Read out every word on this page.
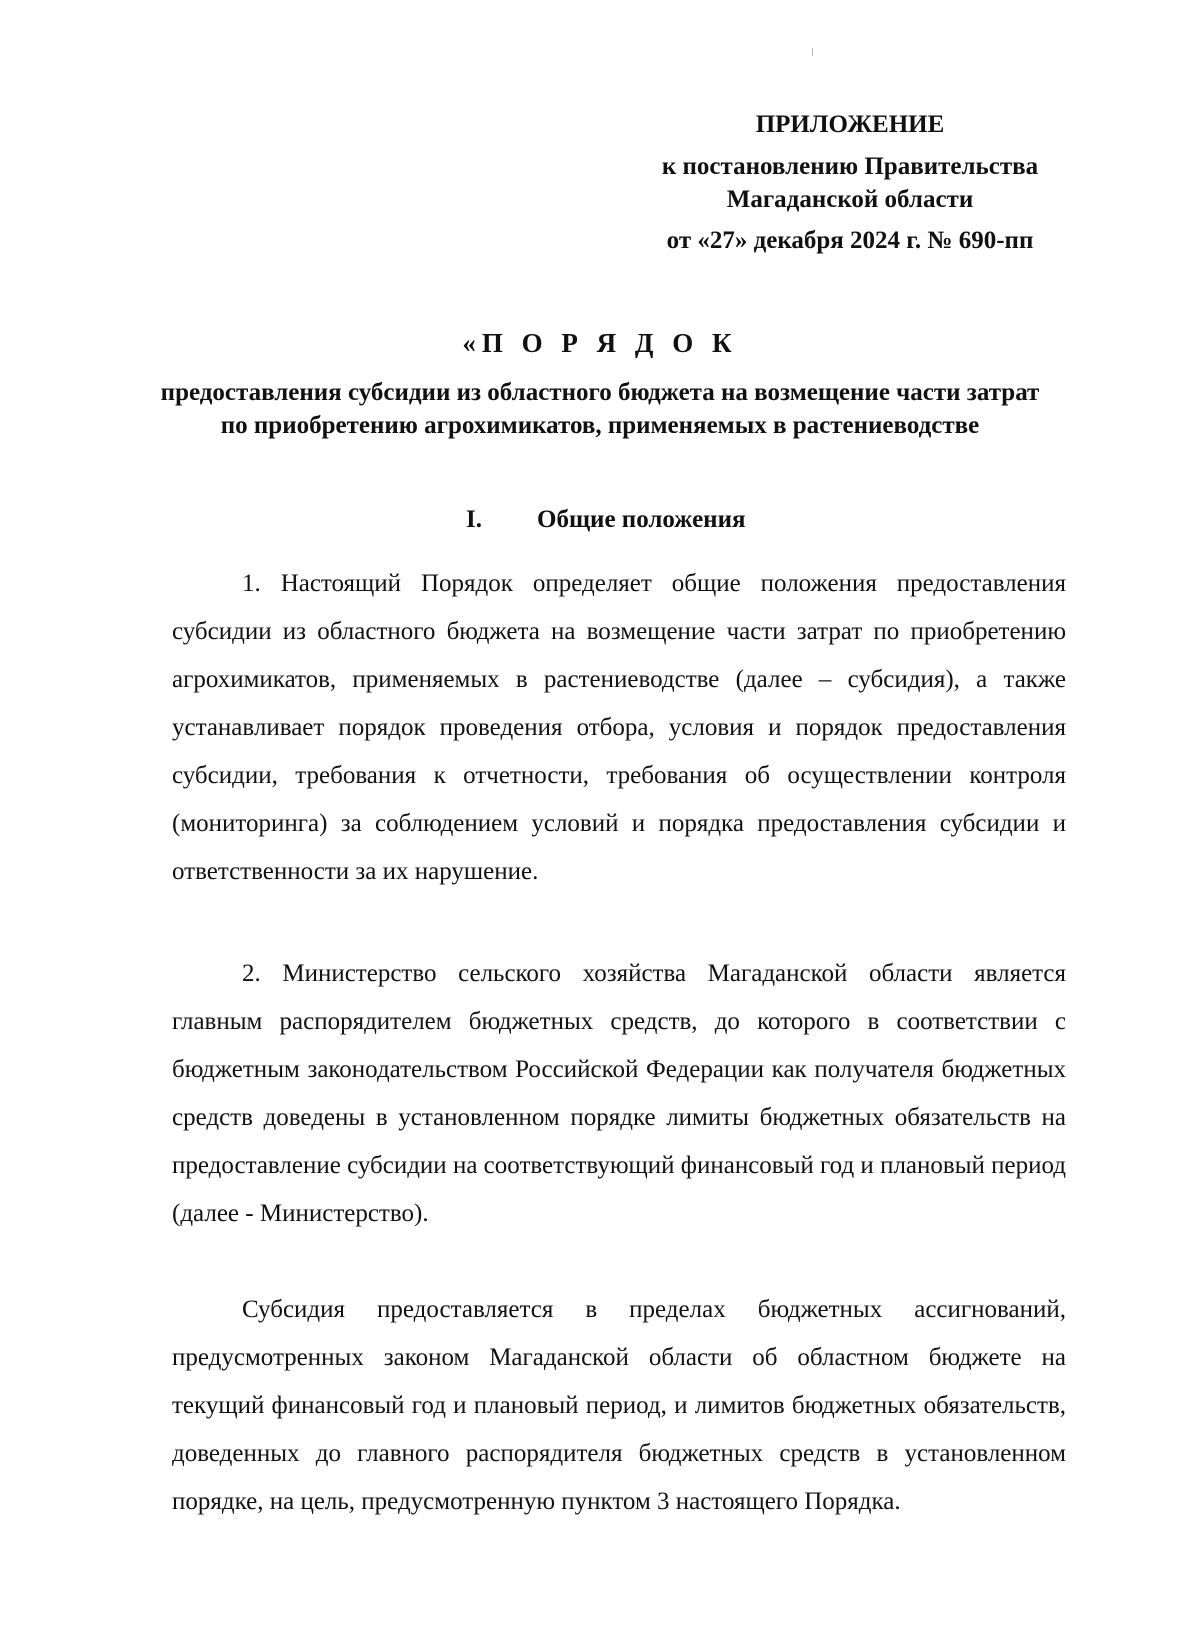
ПРИЛОЖЕНИЕ
к постановлению Правительства
Магаданской области
от «27» декабря 2024 г. № 690-пп
«П О Р Я Д О К
предоставления субсидии из областного бюджета на возмещение части затрат по приобретению агрохимикатов, применяемых в растениеводстве
I. Общие положения
1. Настоящий Порядок определяет общие положения предоставления субсидии из областного бюджета на возмещение части затрат по приобретению агрохимикатов, применяемых в растениеводстве (далее – субсидия), а также устанавливает порядок проведения отбора, условия и порядок предоставления субсидии, требования к отчетности, требования об осуществлении контроля (мониторинга) за соблюдением условий и порядка предоставления субсидии и ответственности за их нарушение.
2. Министерство сельского хозяйства Магаданской области является главным распорядителем бюджетных средств, до которого в соответствии с бюджетным законодательством Российской Федерации как получателя бюджетных средств доведены в установленном порядке лимиты бюджетных обязательств на предоставление субсидии на соответствующий финансовый год и плановый период (далее - Министерство).
Субсидия предоставляется в пределах бюджетных ассигнований, предусмотренных законом Магаданской области об областном бюджете на текущий финансовый год и плановый период, и лимитов бюджетных обязательств, доведенных до главного распорядителя бюджетных средств в установленном порядке, на цель, предусмотренную пунктом 3 настоящего Порядка.
